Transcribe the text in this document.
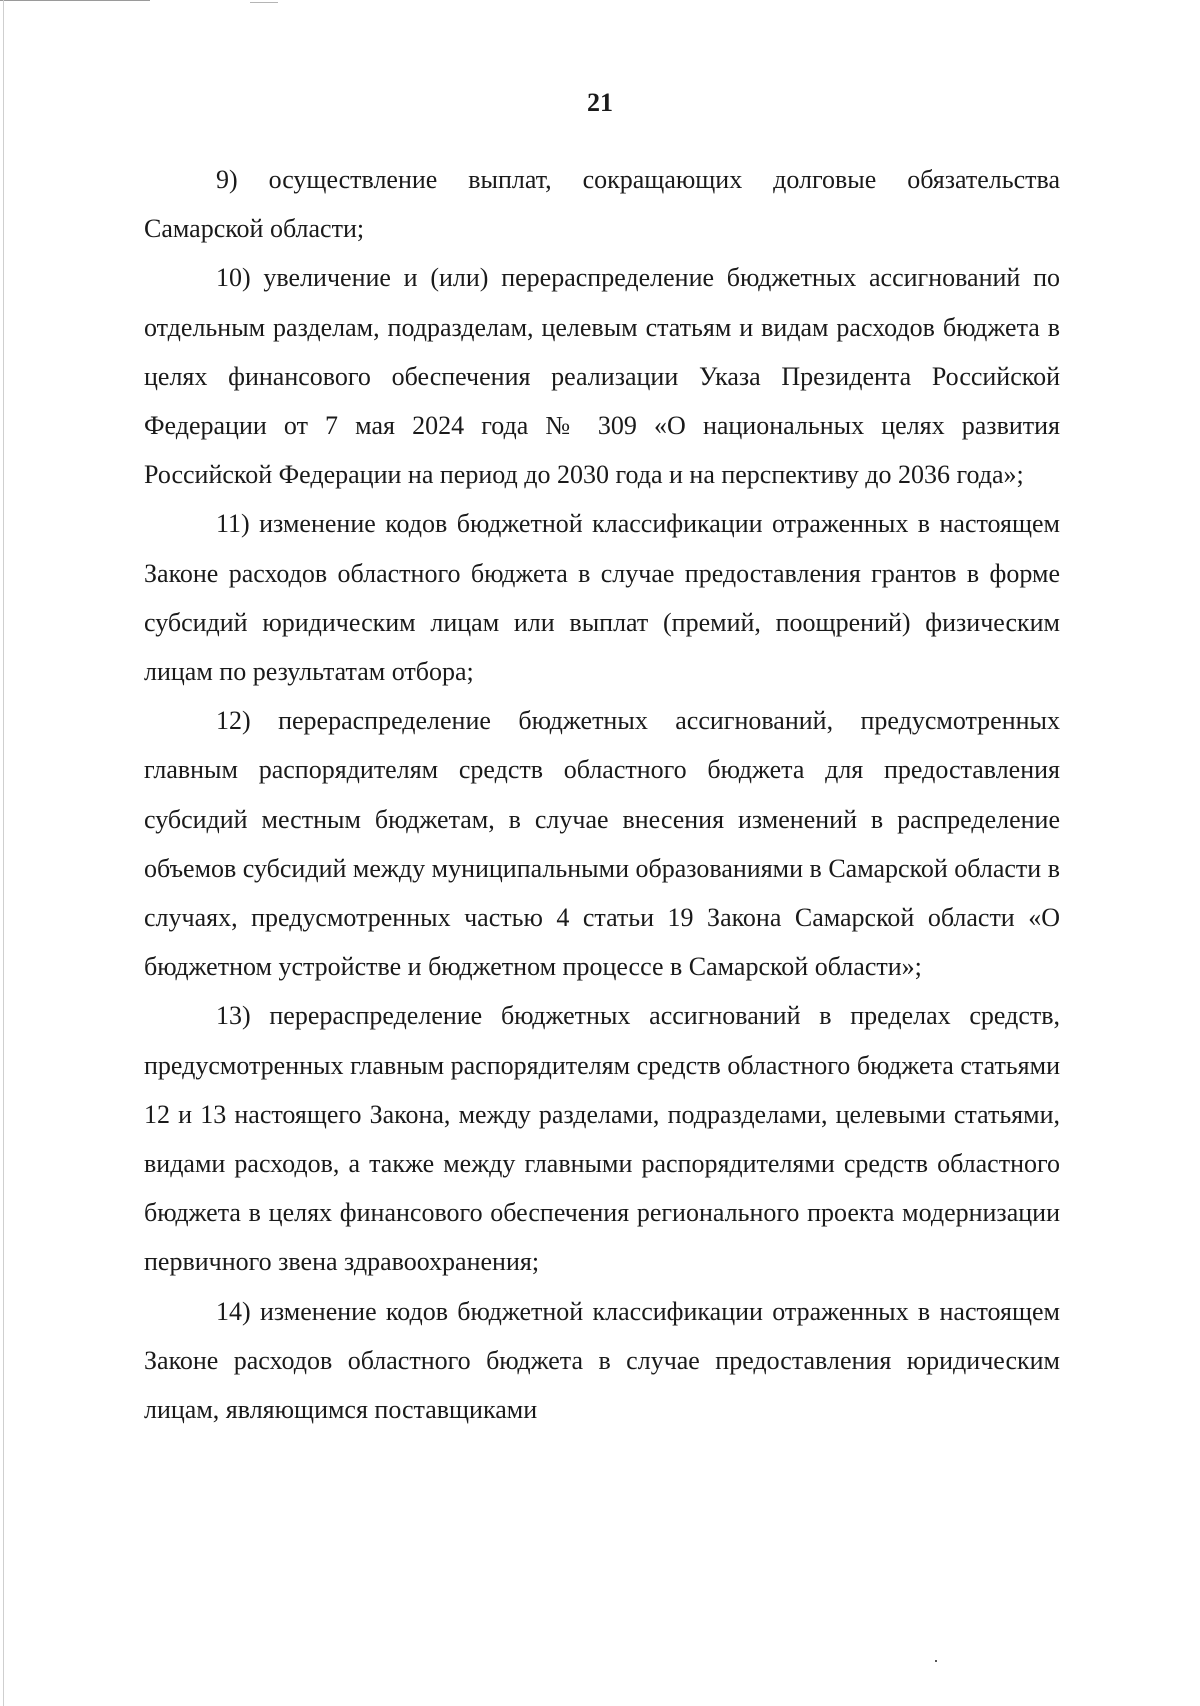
21

9) осуществление выплат, сокращающих долговые обязательства Самарской области;

10) увеличение и (или) перераспределение бюджетных ассигнований по отдельным разделам, подразделам, целевым статьям и видам расходов бюджета в целях финансового обеспечения реализации Указа Президента Российской Федерации от 7 мая 2024 года № 309 «О национальных целях развития Российской Федерации на период до 2030 года и на перспективу до 2036 года»;

11) изменение кодов бюджетной классификации отраженных в настоящем Законе расходов областного бюджета в случае предоставления грантов в форме субсидий юридическим лицам или выплат (премий, поощрений) физическим лицам по результатам отбора;

12) перераспределение бюджетных ассигнований, предусмотренных главным распорядителям средств областного бюджета для предоставления субсидий местным бюджетам, в случае внесения изменений в распределение объемов субсидий между муниципальными образованиями в Самарской области в случаях, предусмотренных частью 4 статьи 19 Закона Самарской области «О бюджетном устройстве и бюджетном процессе в Самарской области»;

13) перераспределение бюджетных ассигнований в пределах средств, предусмотренных главным распорядителям средств областного бюджета статьями 12 и 13 настоящего Закона, между разделами, подразделами, целевыми статьями, видами расходов, а также между главными распорядителями средств областного бюджета в целях финансового обеспечения регионального проекта модернизации первичного звена здравоохранения;

14) изменение кодов бюджетной классификации отраженных в настоящем Законе расходов областного бюджета в случае предоставления юридическим лицам, являющимся поставщиками
